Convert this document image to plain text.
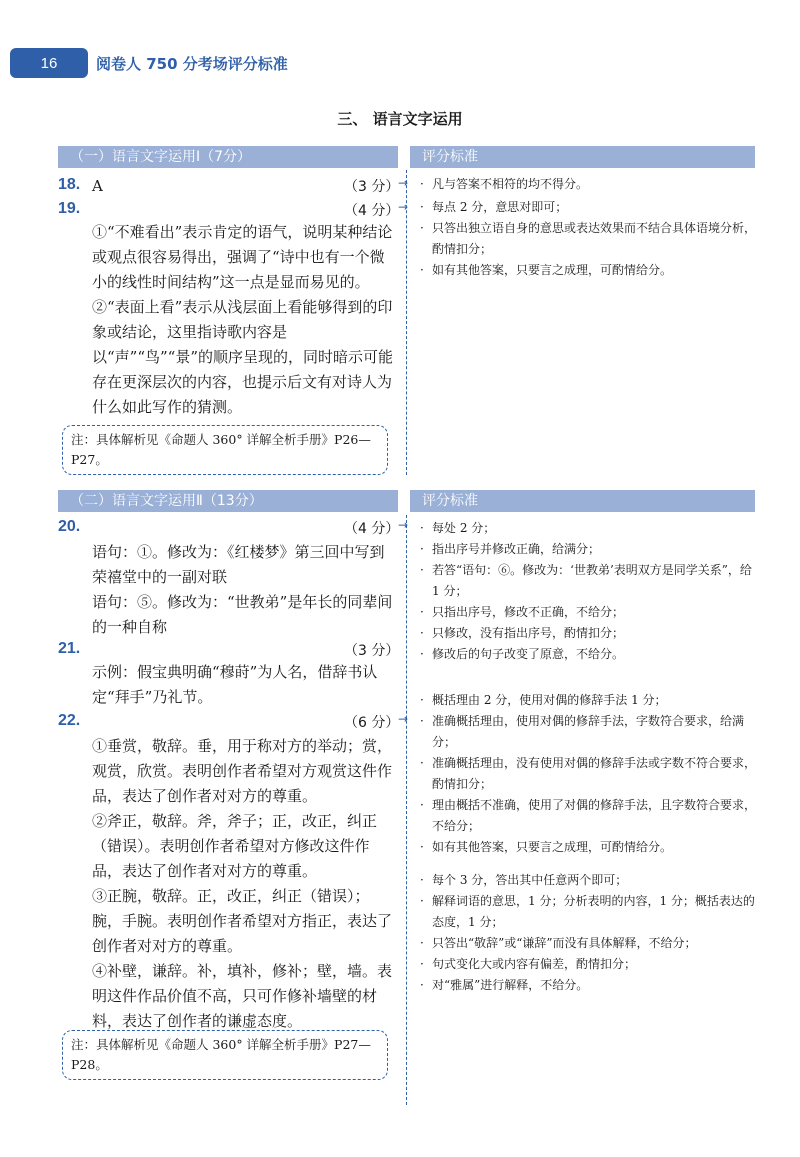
16	阅卷人 750 分考场评分标准
三、 语言文字运用
（一）语言文字运用Ⅰ（7分）	评分标准
18. A	（3 分）
→
19.	（4 分）
→
①“不难看出”表示肯定的语气，说明某种结论或观点很容易得出，强调了“诗中也有一个微小的线性时间结构”这一点是显而易见的。②“表面上看”表示从浅层面上看能够得到的印象或结论，这里指诗歌内容是以“声”“鸟”“景”的顺序呈现的，同时暗示可能存在更深层次的内容，也提示后文有对诗人为什么如此写作的猜测。
注：具体解析见《命题人 360° 详解全析手册》P26—P27。
· 凡与答案不相符的均不得分。
· 每点 2 分，意思对即可；
· 只答出独立语自身的意思或表达效果而不结合具体语境分析，酌情扣分；
· 如有其他答案，只要言之成理，可酌情给分。
（二）语言文字运用Ⅱ（13分）	评分标准
20.	（4 分）
→
语句：①。修改为：《红楼梦》第三回中写到荣禧堂中的一副对联
语句：⑤。修改为：“世教弟”是年长的同辈间的一种自称
21.	（3 分）
示例：假宝典明确“穆莳”为人名，借辞书认定“拜手”乃礼节。
22.	（6 分）
→
①垂赏，敬辞。垂，用于称对方的举动；赏，观赏，欣赏。表明创作者希望对方观赏这件作品，表达了创作者对对方的尊重。
②斧正，敬辞。斧，斧子；正，改正，纠正（错误）。表明创作者希望对方修改这件作品，表达了创作者对对方的尊重。
③正腕，敬辞。正，改正，纠正（错误）；腕，手腕。表明创作者希望对方指正，表达了创作者对对方的尊重。
④补壁，谦辞。补，填补，修补；壁，墙。表明这件作品价值不高，只可作修补墙壁的材料，表达了创作者的谦虚态度。
注：具体解析见《命题人 360° 详解全析手册》P27—P28。
· 每处 2 分；
· 指出序号并修改正确，给满分；
· 若答“语句：⑥。修改为：‘世教弟’表明双方是同学关系”，给 1 分；
· 只指出序号，修改不正确，不给分；
· 只修改，没有指出序号，酌情扣分；
· 修改后的句子改变了原意，不给分。
· 概括理由 2 分，使用对偶的修辞手法 1 分；
· 准确概括理由，使用对偶的修辞手法，字数符合要求，给满分；
· 准确概括理由，没有使用对偶的修辞手法或字数不符合要求，酌情扣分；
· 理由概括不准确，使用了对偶的修辞手法，且字数符合要求，不给分；
· 如有其他答案，只要言之成理，可酌情给分。
· 每个 3 分，答出其中任意两个即可；
· 解释词语的意思，1 分；分析表明的内容，1 分；概括表达的态度，1 分；
· 只答出“敬辞”或“谦辞”而没有具体解释，不给分；
· 句式变化大或内容有偏差，酌情扣分；
· 对“雅属”进行解释，不给分。
